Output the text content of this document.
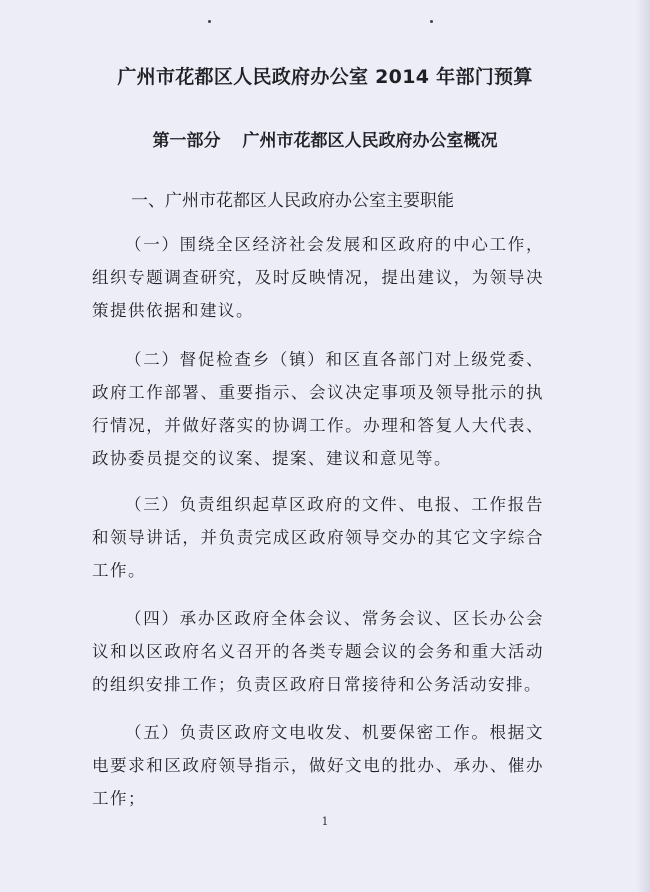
广州市花都区人民政府办公室 2014 年部门预算
第一部分 广州市花都区人民政府办公室概况
一、广州市花都区人民政府办公室主要职能

（一）围绕全区经济社会发展和区政府的中心工作，组织专题调查研究，及时反映情况，提出建议，为领导决策提供依据和建议。

（二）督促检查乡（镇）和区直各部门对上级党委、政府工作部署、重要指示、会议决定事项及领导批示的执行情况，并做好落实的协调工作。办理和答复人大代表、政协委员提交的议案、提案、建议和意见等。

（三）负责组织起草区政府的文件、电报、工作报告和领导讲话，并负责完成区政府领导交办的其它文字综合工作。

（四）承办区政府全体会议、常务会议、区长办公会议和以区政府名义召开的各类专题会议的会务和重大活动的组织安排工作；负责区政府日常接待和公务活动安排。

（五）负责区政府文电收发、机要保密工作。根据文电要求和区政府领导指示，做好文电的批办、承办、催办工作；

1
